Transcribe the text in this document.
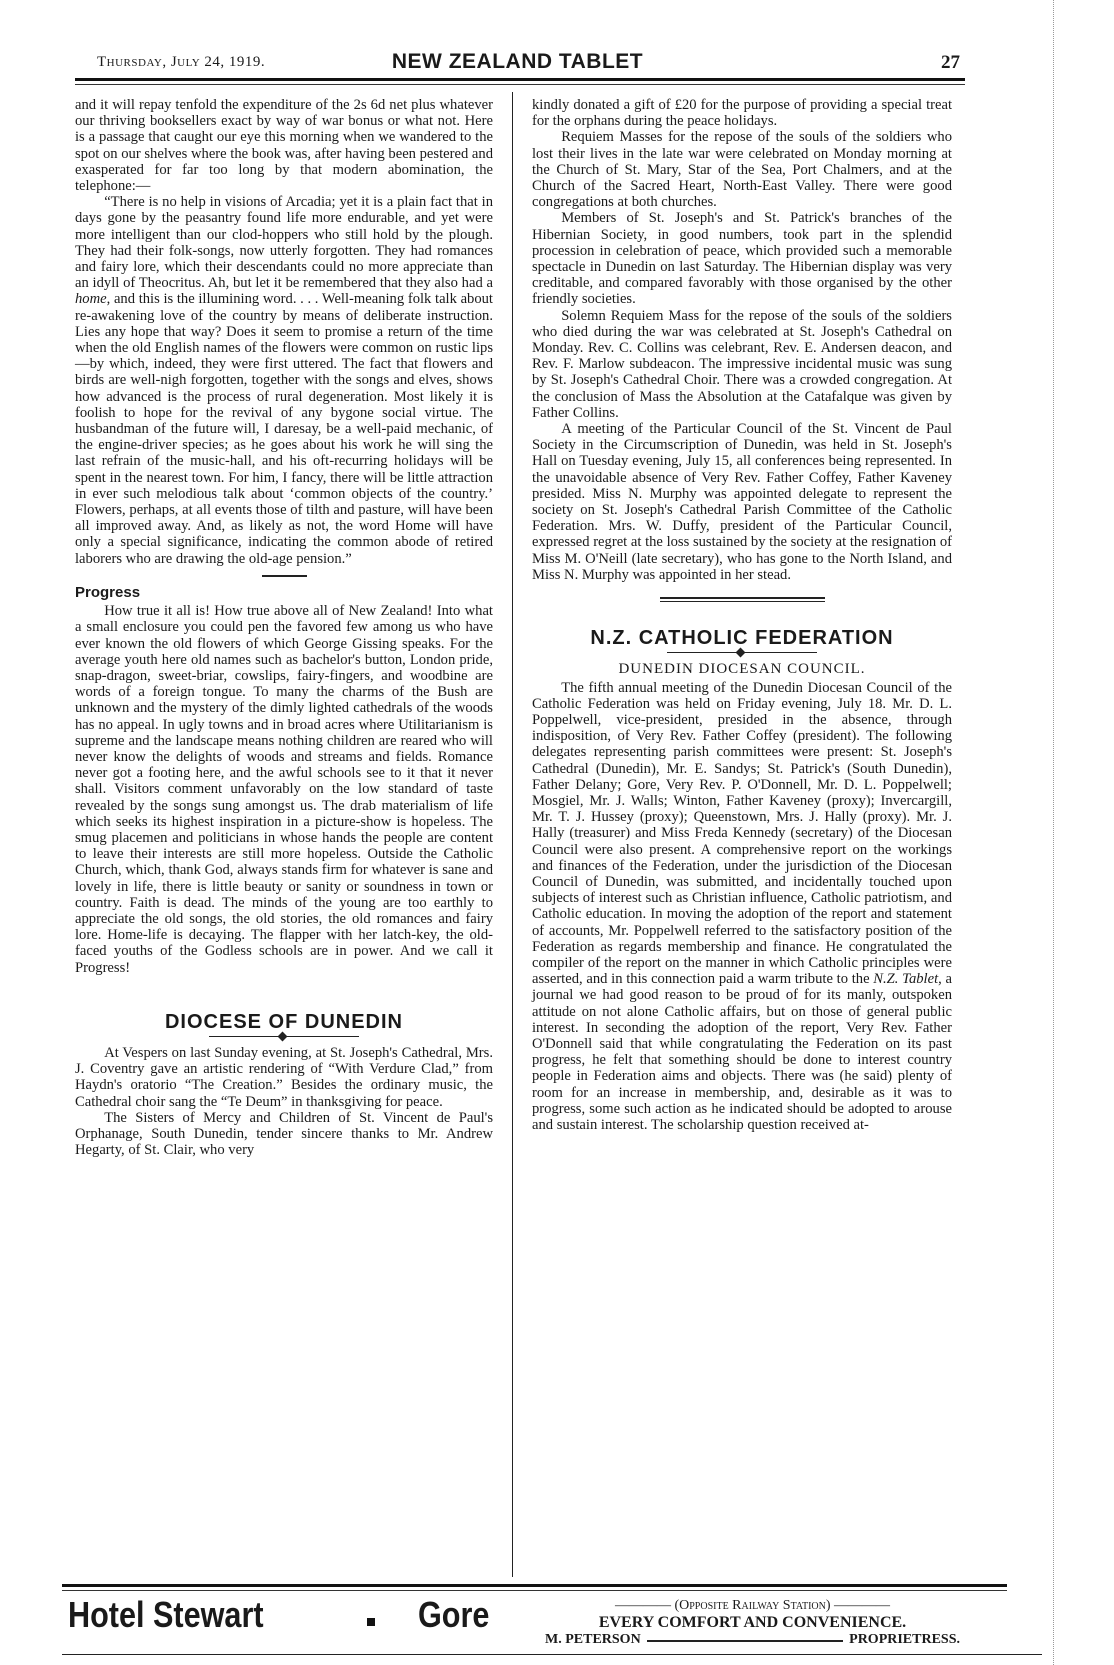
Thursday, July 24, 1919.	NEW ZEALAND TABLET	27

and it will repay tenfold the expenditure of the 2s 6d net plus whatever our thriving booksellers exact by way of war bonus or what not. Here is a passage that caught our eye this morning when we wandered to the spot on our shelves where the book was, after having been pestered and exasperated for far too long by that modern abomination, the telephone:—

“There is no help in visions of Arcadia; yet it is a plain fact that in days gone by the peasantry found life more endurable, and yet were more intelligent than our clod-hoppers who still hold by the plough. They had their folk-songs, now utterly forgotten. They had romances and fairy lore, which their descendants could no more appreciate than an idyll of Theocritus. Ah, but let it be remembered that they also had a home, and this is the illumining word. . . . Well-meaning folk talk about re-awakening love of the country by means of deliberate instruction. Lies any hope that way? Does it seem to promise a return of the time when the old English names of the flowers were common on rustic lips—by which, indeed, they were first uttered. The fact that flowers and birds are well-nigh forgotten, together with the songs and elves, shows how advanced is the process of rural degeneration. Most likely it is foolish to hope for the revival of any bygone social virtue. The husbandman of the future will, I daresay, be a well-paid mechanic, of the engine-driver species; as he goes about his work he will sing the last refrain of the music-hall, and his oft-recurring holidays will be spent in the nearest town. For him, I fancy, there will be little attraction in ever such melodious talk about ‘common objects of the country.’ Flowers, perhaps, at all events those of tilth and pasture, will have been all improved away. And, as likely as not, the word Home will have only a special significance, indicating the common abode of retired laborers who are drawing the old-age pension.”

Progress

How true it all is! How true above all of New Zealand! Into what a small enclosure you could pen the favored few among us who have ever known the old flowers of which George Gissing speaks. For the average youth here old names such as bachelor's button, London pride, snap-dragon, sweet-briar, cowslips, fairy-fingers, and woodbine are words of a foreign tongue. To many the charms of the Bush are unknown and the mystery of the dimly lighted cathedrals of the woods has no appeal. In ugly towns and in broad acres where Utilitarianism is supreme and the landscape means nothing children are reared who will never know the delights of woods and streams and fields. Romance never got a footing here, and the awful schools see to it that it never shall. Visitors comment unfavorably on the low standard of taste revealed by the songs sung amongst us. The drab materialism of life which seeks its highest inspiration in a picture-show is hopeless. The smug placemen and politicians in whose hands the people are content to leave their interests are still more hopeless. Outside the Catholic Church, which, thank God, always stands firm for whatever is sane and lovely in life, there is little beauty or sanity or soundness in town or country. Faith is dead. The minds of the young are too earthly to appreciate the old songs, the old stories, the old romances and fairy lore. Home-life is decaying. The flapper with her latch-key, the old-faced youths of the Godless schools are in power. And we call it Progress!

DIOCESE OF DUNEDIN

At Vespers on last Sunday evening, at St. Joseph's Cathedral, Mrs. J. Coventry gave an artistic rendering of “With Verdure Clad,” from Haydn's oratorio “The Creation.” Besides the ordinary music, the Cathedral choir sang the “Te Deum” in thanksgiving for peace.

The Sisters of Mercy and Children of St. Vincent de Paul's Orphanage, South Dunedin, tender sincere thanks to Mr. Andrew Hegarty, of St. Clair, who very

kindly donated a gift of £20 for the purpose of providing a special treat for the orphans during the peace holidays.

Requiem Masses for the repose of the souls of the soldiers who lost their lives in the late war were celebrated on Monday morning at the Church of St. Mary, Star of the Sea, Port Chalmers, and at the Church of the Sacred Heart, North-East Valley. There were good congregations at both churches.

Members of St. Joseph's and St. Patrick's branches of the Hibernian Society, in good numbers, took part in the splendid procession in celebration of peace, which provided such a memorable spectacle in Dunedin on last Saturday. The Hibernian display was very creditable, and compared favorably with those organised by the other friendly societies.

Solemn Requiem Mass for the repose of the souls of the soldiers who died during the war was celebrated at St. Joseph's Cathedral on Monday. Rev. C. Collins was celebrant, Rev. E. Andersen deacon, and Rev. F. Marlow subdeacon. The impressive incidental music was sung by St. Joseph's Cathedral Choir. There was a crowded congregation. At the conclusion of Mass the Absolution at the Catafalque was given by Father Collins.

A meeting of the Particular Council of the St. Vincent de Paul Society in the Circumscription of Dunedin, was held in St. Joseph's Hall on Tuesday evening, July 15, all conferences being represented. In the unavoidable absence of Very Rev. Father Coffey, Father Kaveney presided. Miss N. Murphy was appointed delegate to represent the society on St. Joseph's Cathedral Parish Committee of the Catholic Federation. Mrs. W. Duffy, president of the Particular Council, expressed regret at the loss sustained by the society at the resignation of Miss M. O'Neill (late secretary), who has gone to the North Island, and Miss N. Murphy was appointed in her stead.

N.Z. CATHOLIC FEDERATION
DUNEDIN DIOCESAN COUNCIL.

The fifth annual meeting of the Dunedin Diocesan Council of the Catholic Federation was held on Friday evening, July 18. Mr. D. L. Poppelwell, vice-president, presided in the absence, through indisposition, of Very Rev. Father Coffey (president). The following delegates representing parish committees were present: St. Joseph's Cathedral (Dunedin), Mr. E. Sandys; St. Patrick's (South Dunedin), Father Delany; Gore, Very Rev. P. O'Donnell, Mr. D. L. Poppelwell; Mosgiel, Mr. J. Walls; Winton, Father Kaveney (proxy); Invercargill, Mr. T. J. Hussey (proxy); Queenstown, Mrs. J. Hally (proxy). Mr. J. Hally (treasurer) and Miss Freda Kennedy (secretary) of the Diocesan Council were also present. A comprehensive report on the workings and finances of the Federation, under the jurisdiction of the Diocesan Council of Dunedin, was submitted, and incidentally touched upon subjects of interest such as Christian influence, Catholic patriotism, and Catholic education. In moving the adoption of the report and statement of accounts, Mr. Poppelwell referred to the satisfactory position of the Federation as regards membership and finance. He congratulated the compiler of the report on the manner in which Catholic principles were asserted, and in this connection paid a warm tribute to the N.Z. Tablet, a journal we had good reason to be proud of for its manly, outspoken attitude on not alone Catholic affairs, but on those of general public interest. In seconding the adoption of the report, Very Rev. Father O'Donnell said that while congratulating the Federation on its past progress, he felt that something should be done to interest country people in Federation aims and objects. There was (he said) plenty of room for an increase in membership, and, desirable as it was to progress, some such action as he indicated should be adopted to arouse and sustain interest. The scholarship question received at-

Hotel Stewart	Gore	———— (Opposite Railway Station) ————
EVERY COMFORT AND CONVENIENCE.
M. PETERSON	PROPRIETRESS.
